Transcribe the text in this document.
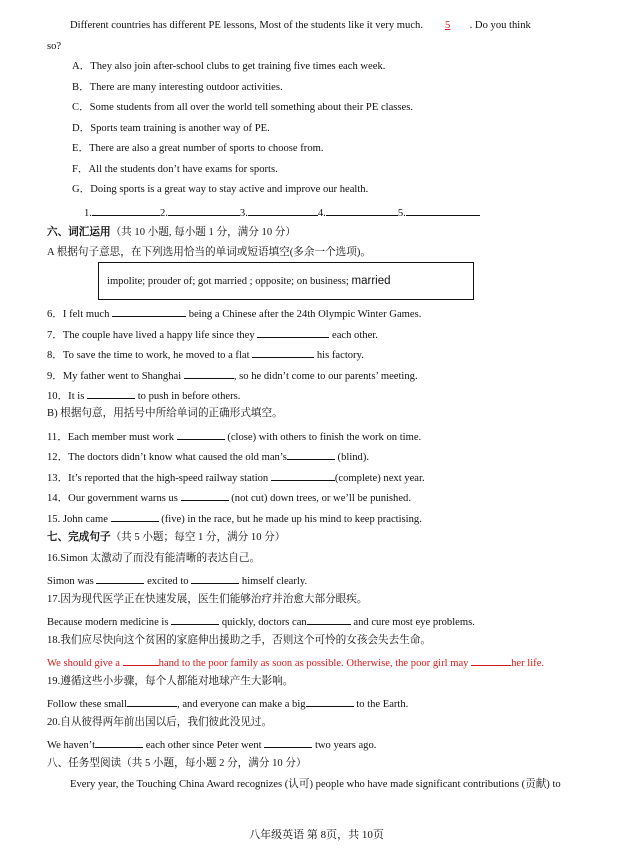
Different countries has different PE lessons, Most of the students like it very much. 5 . Do you think
so?
A．They also join after-school clubs to get training five times each week.
B．There are many interesting outdoor activities.
C．Some students from all over the world tell something about their PE classes.
D．Sports team training is another way of PE.
E．There are also a great number of sports to choose from.
F．All the students don’t have exams for sports.
G．Doing sports is a great way to stay active and improve our health.
1.	2.	3.	4.	5.
六、词汇运用（共 10 小题, 每小题 1 分，满分 10 分）
A 根据句子意思，在下列选用恰当的单词或短语填空(多余一个选项)。
impolite; prouder of; got married ; opposite; on business; married
6．I felt much	being a Chinese after the 24th Olympic Winter Games.
7．The couple have lived a happy life since they	each other.
8．To save the time to work, he moved to a flat	his factory.
9．My father went to Shanghai	, so he didn’t come to our parents’ meeting.
10．It is	to push in before others.
B) 根据句意，用括号中所给单词的正确形式填空。
11．Each member must work	(close) with others to finish the work on time.
12．The doctors didn’t know what caused the old man’s	(blind).
13．It’s reported that the high-speed railway station	(complete) next year.
14．Our government warns us	(not cut) down trees, or we’ll be punished.
15. John came	(five) in the race, but he made up his mind to keep practising.
七、完成句子（共 5 小题；每空 1 分，满分 10 分）
16.Simon 太激动了而没有能清晰的表达自己。
Simon was	excited to	himself clearly.
17.因为现代医学正在快速发展，医生们能够治疗并治愈大部分眼疾。
Because modern medicine is	quickly, doctors can	and cure most eye problems.
18.我们应尽快向这个贫困的家庭伸出援助之手，否则这个可怜的女孩会失去生命。
We should give a	hand to the poor family as soon as possible. Otherwise, the poor girl may	her life.
19.遵循这些小步骤，每个人都能对地球产生大影响。
Follow these small	, and everyone can make a big	to the Earth.
20.自从彼得两年前出国以后，我们彼此没见过。
We haven’t	each other since Peter went	two years ago.
八、任务型阅读（共 5 小题，每小题 2 分，满分 10 分）
Every year, the Touching China Award recognizes (认可) people who have made significant contributions (贡献) to
八年级英语 第 8页，共 10页
